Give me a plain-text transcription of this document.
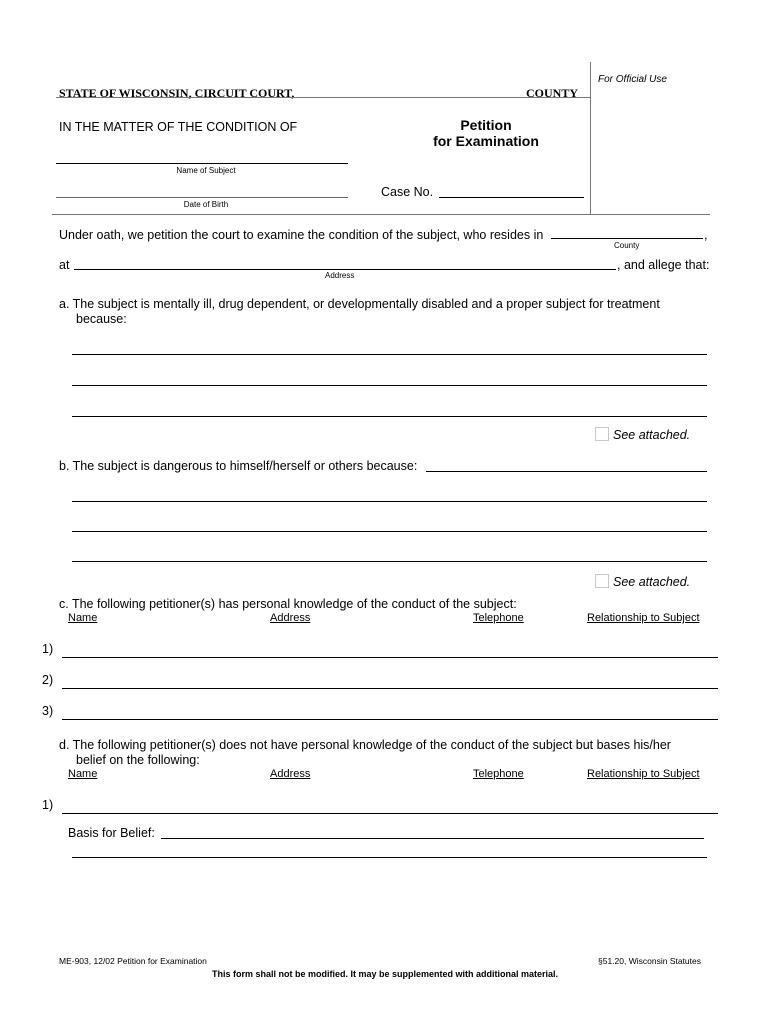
For Official Use
STATE OF WISCONSIN, CIRCUIT COURT,	COUNTY
IN THE MATTER OF THE CONDITION OF	Petition
for Examination
Name of Subject
Date of Birth
Case No.
Under oath, we petition the court to examine the condition of the subject, who resides in	,
County
at	, and allege that:
Address
a. The subject is mentally ill, drug dependent, or developmentally disabled and a proper subject for treatment
because:
See attached.
b. The subject is dangerous to himself/herself or others because:
See attached.
c. The following petitioner(s) has personal knowledge of the conduct of the subject:
Name	Address	Telephone	Relationship to Subject
1)
2)
3)
d. The following petitioner(s) does not have personal knowledge of the conduct of the subject but bases his/her
belief on the following:
Name	Address	Telephone	Relationship to Subject
1)
Basis for Belief:
ME-903, 12/02 Petition for Examination	§51.20, Wisconsin Statutes
This form shall not be modified. It may be supplemented with additional material.
